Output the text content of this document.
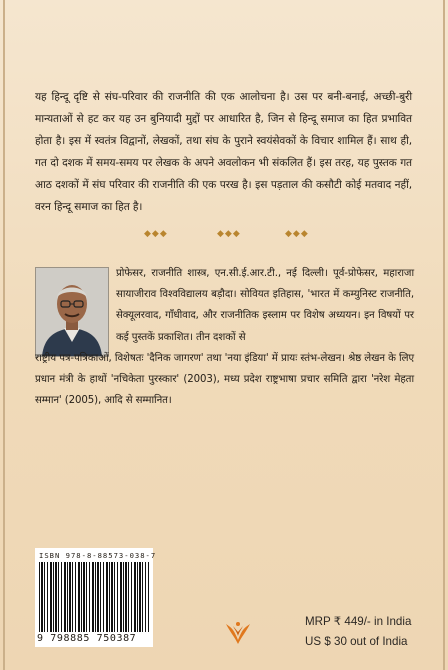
यह हिन्दू दृष्टि से संघ-परिवार की राजनीति की एक आलोचना है। उस पर बनी-बनाई, अच्छी-बुरी मान्यताओं से हट कर यह उन बुनियादी मुद्दों पर आधारित है, जिन से हिन्दू समाज का हित प्रभावित होता है। इस में स्वतंत्र विद्वानों, लेखकों, तथा संघ के पुराने स्वयंसेवकों के विचार शामिल हैं। साथ ही, गत दो दशक में समय-समय पर लेखक के अपने अवलोकन भी संकलित हैं। इस तरह, यह पुस्तक गत आठ दशकों में संघ परिवार की राजनीति की एक परख है। इस पड़ताल की कसौटी कोई मतवाद नहीं, वरन हिन्दू समाज का हित है।

◆◆◆	◆◆◆	◆◆◆

प्रोफेसर, राजनीति शास्त्र, एन.सी.ई.आर.टी., नई दिल्ली। पूर्व-प्रोफेसर, महाराजा सायाजीराव विश्वविद्यालय बड़ौदा। सोवियत इतिहास, 'भारत में कम्युनिस्ट राजनीति, सेक्यूलरवाद, गाँधीवाद, और राजनीतिक इस्लाम पर विशेष अध्ययन। इन विषयों पर कई पुस्तकें प्रकाशित। तीन दशकों से

राष्ट्रीय पत्र-पत्रिकाओं, विशेषतः 'दैनिक जागरण' तथा 'नया इंडिया' में प्रायः स्तंभ-लेखन। श्रेष्ठ लेखन के लिए प्रधान मंत्री के हाथों 'नचिकेता पुरस्कार' (2003), मध्य प्रदेश राष्ट्रभाषा प्रचार समिति द्वारा 'नरेश मेहता सम्मान' (2005), आदि से सम्मानित।

ISBN 978-8-88573-038-7
9 798885 750387
MRP ₹ 449/- in India
US $ 30 out of India
